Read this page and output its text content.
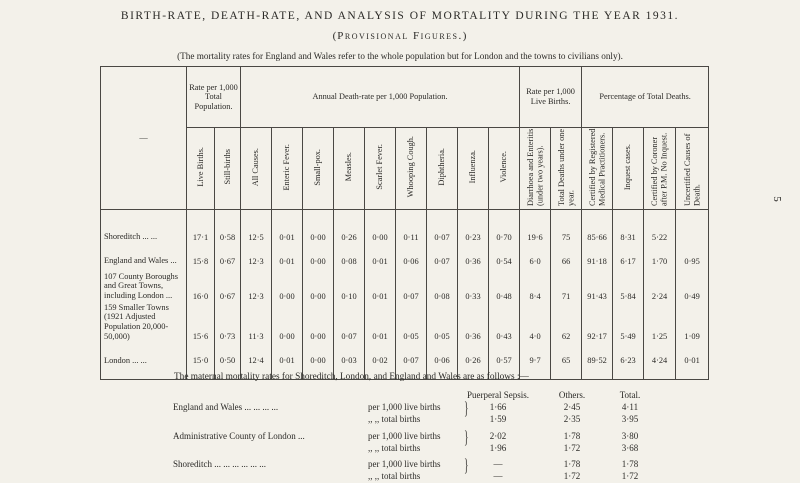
BIRTH-RATE, DEATH-RATE, AND ANALYSIS OF MORTALITY DURING THE YEAR 1931.
(Provisional Figures.)
(The mortality rates for England and Wales refer to the whole population but for London and the towns to civilians only).
5
—	Rate per 1,000 Total Population.		Annual Death-rate per 1,000 Population.									Rate per 1,000 Live Births.		Percentage of Total Deaths.			
	Live Births.	Still-births	All Causes.	Enteric Fever.	Small-pox.	Measles.	Scarlet Fever.	Whooping Cough.	Diphtheria.	Influenza.	Violence.	Diarrhoea and Enteritis (under two years).	Total Deaths under one year.	Certified by Registered Medical Practitioners.	Inquest cases.	Certified by Coroner after P.M. No Inquest.	Uncertified Causes of Death.

Shoreditch ... ...	17·1	0·58	12·5	0·01	0·00	0·26	0·00	0·11	0·07	0·23	0·70	19·6	75	85·66	8·31	5·22	
England and Wales ...	15·8	0·67	12·3	0·01	0·00	0·08	0·01	0·06	0·07	0·36	0·54	6·0	66	91·18	6·17	1·70	0·95
107 County Boroughs and Great Towns, including London ...	16·0	0·67	12·3	0·00	0·00	0·10	0·01	0·07	0·08	0·33	0·48	8·4	71	91·43	5·84	2·24	0·49
159 Smaller Towns (1921 Adjusted Population 20,000-50,000)	15·6	0·73	11·3	0·00	0·00	0·07	0·01	0·05	0·05	0·36	0·43	4·0	62	92·17	5·49	1·25	1·09
London ... ...	15·0	0·50	12·4	0·01	0·00	0·03	0·02	0·07	0·06	0·26	0·57	9·7	65	89·52	6·23	4·24	0·01

The maternal mortality rates for Shoreditch, London, and England and Wales are as follows :—
Puerperal Sepsis.	Others.	Total.
England and Wales ... ... ... ...	per 1,000 live births	1·66	2·45	4·11
,, ,, total births	1·59	2·35	3·95
}
Administrative County of London ...	per 1,000 live births	2·02	1·78	3·80
,, ,, total births	1·96	1·72	3·68
}
Shoreditch ... ... ... ... ... ...	per 1,000 live births	—	1·78	1·78
,, ,, total births	—	1·72	1·72
}
